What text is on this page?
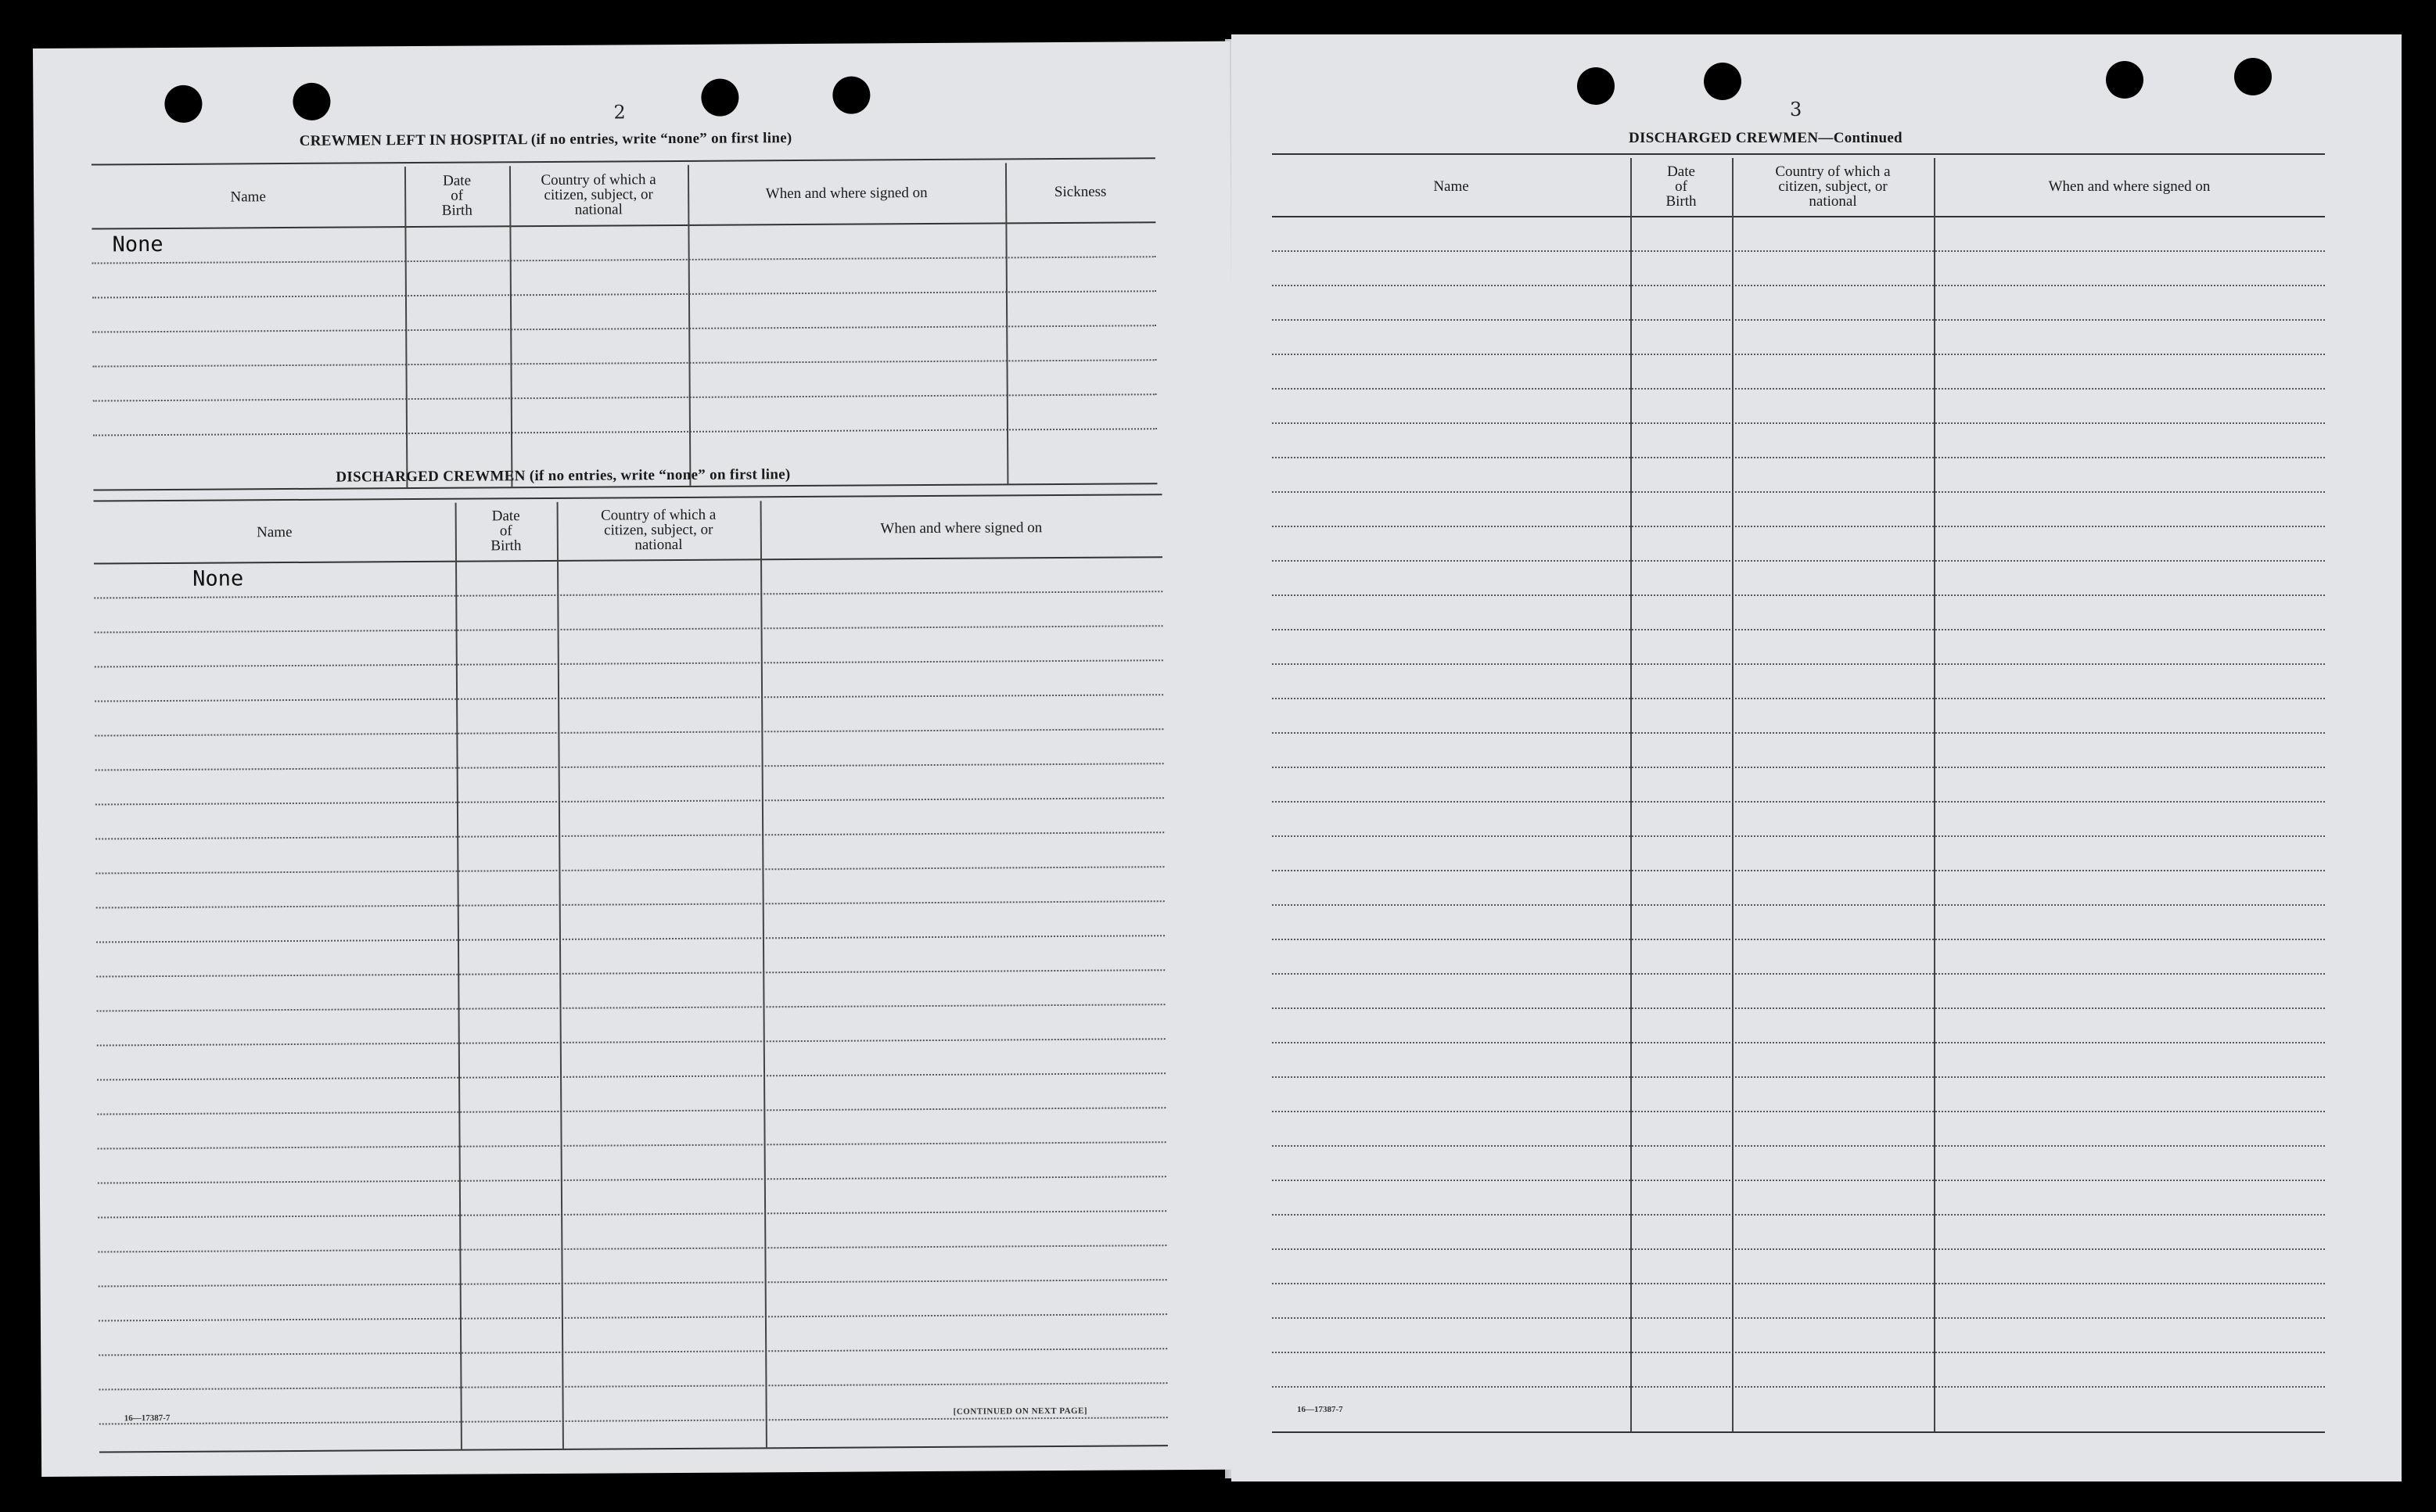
2
CREWMEN LEFT IN HOSPITAL (if no entries, write “none” on first line)
Name
Date
of
Birth
Country of which a
citizen, subject, or
national
When and where signed on	Sickness
None
DISCHARGED CREWMEN (if no entries, write “none” on first line)
Name
Date
of
Birth
Country of which a
citizen, subject, or
national
When and where signed on
None
16—17387-7
[CONTINUED ON NEXT PAGE]
3
DISCHARGED CREWMEN—Continued
Name
Date
of
Birth
Country of which a
citizen, subject, or
national
When and where signed on
16—17387-7
